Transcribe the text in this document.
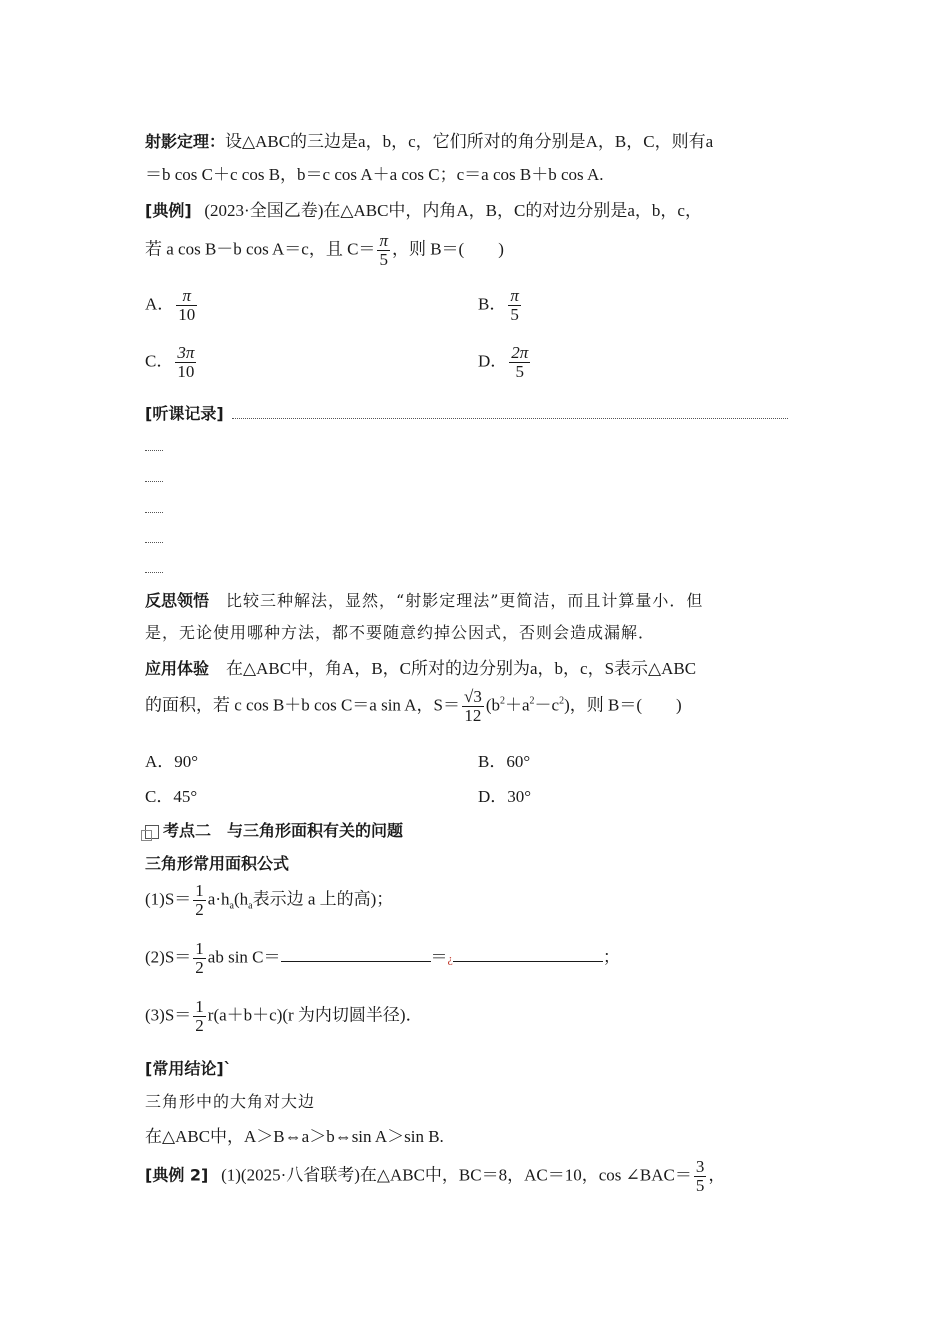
射影定理：设△ABC的三边是a，b，c，它们所对的角分别是A，B，C，则有a
＝b cos C＋c cos B，b＝c cos A＋a cos C；c＝a cos B＋b cos A.
[典例] (2023·全国乙卷)在△ABC中，内角A，B，C的对边分别是a，b，c，
若 a cos B－b cos A＝c，且 $C= \frac{\pi}{5}$ ，则 B＝(　　)
A． $\frac{\pi}{10}$	B． $\frac{\pi}{5}$
C． $\frac{3\pi}{10}$	D． $\frac{2\pi}{5}$
[听课记录]
反思领悟 比较三种解法，显然，“射影定理法”更简洁，而且计算量小．但
是，无论使用哪种方法，都不要随意约掉公因式，否则会造成漏解．
应用体验 在△ABC中，角A，B，C所对的边分别为a，b，c，S表示△ABC
的面积，若 c cos B＋b cos C＝a sin A，$S= \frac{√3}{12} (b^2+a^2-c^2)$，则 B＝(　　)
A．90°	B．60°
C．45°	D．30°
考点二　与三角形面积有关的问题
三角形常用面积公式
$(1)S= \frac{1}{2} a\cdot h_a(h_a$表示边 a 上的高)；
$(2)S= \frac{1}{2}$ ab sin C＝	＝¿	；
$(3)S= \frac{1}{2} r(a+b+c)(r$ 为内切圆半径)．
[常用结论]`
三角形中的大角对大边
在△ABC中，A＞B⇔a＞b⇔sin A＞sin B.
[典例 2] (1)(2025·八省联考)在△ABC中，BC＝8，AC＝10，cos ∠BAC＝ $\frac{3}{5}$ ，
